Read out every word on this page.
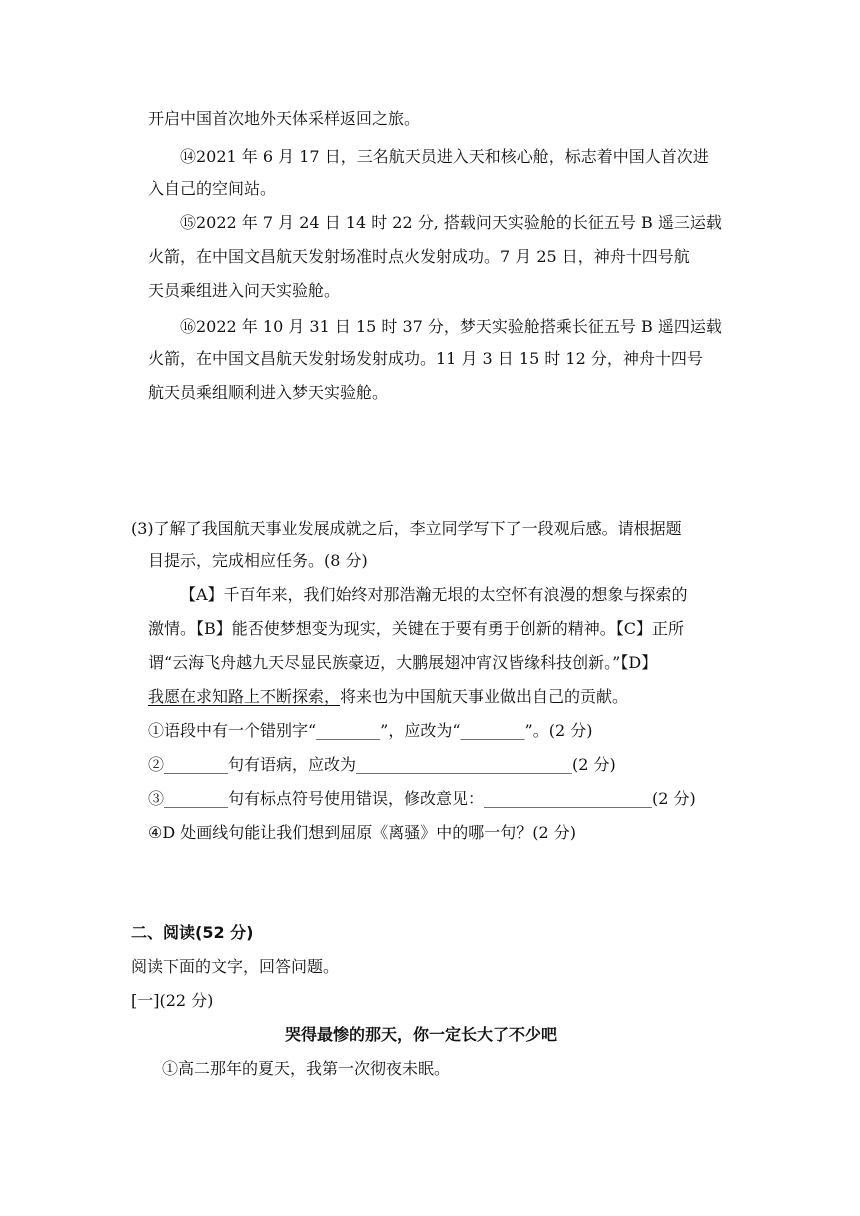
开启中国首次地外天体采样返回之旅。
⑭2021 年 6 月 17 日，三名航天员进入天和核心舱，标志着中国人首次进
入自己的空间站。
⑮2022 年 7 月 24 日 14 时 22 分, 搭载问天实验舱的长征五号 B 遥三运载
火箭，在中国文昌航天发射场准时点火发射成功。7 月 25 日，神舟十四号航
天员乘组进入问天实验舱。
⑯2022 年 10 月 31 日 15 时 37 分，梦天实验舱搭乘长征五号 B 遥四运载
火箭，在中国文昌航天发射场发射成功。11 月 3 日 15 时 12 分，神舟十四号
航天员乘组顺利进入梦天实验舱。
(3)了解了我国航天事业发展成就之后，李立同学写下了一段观后感。请根据题
目提示，完成相应任务。(8 分)
【A】千百年来，我们始终对那浩瀚无垠的太空怀有浪漫的想象与探索的
激情。【B】能否使梦想变为现实，关键在于要有勇于创新的精神。【C】正所
谓“云海飞舟越九天尽显民族豪迈，大鹏展翅冲宵汉皆缘科技创新。”【D】
我愿在求知路上不断探索，将来也为中国航天事业做出自己的贡献。
①语段中有一个错别字“________”，应改为“________”。(2 分)
②________句有语病，应改为___________________________(2 分)
③________句有标点符号使用错误，修改意见：_____________________(2 分)
④D 处画线句能让我们想到屈原《离骚》中的哪一句？(2 分)
二、阅读(52 分)
阅读下面的文字，回答问题。
[一](22 分)
哭得最惨的那天，你一定长大了不少吧
①高二那年的夏天，我第一次彻夜未眠。
